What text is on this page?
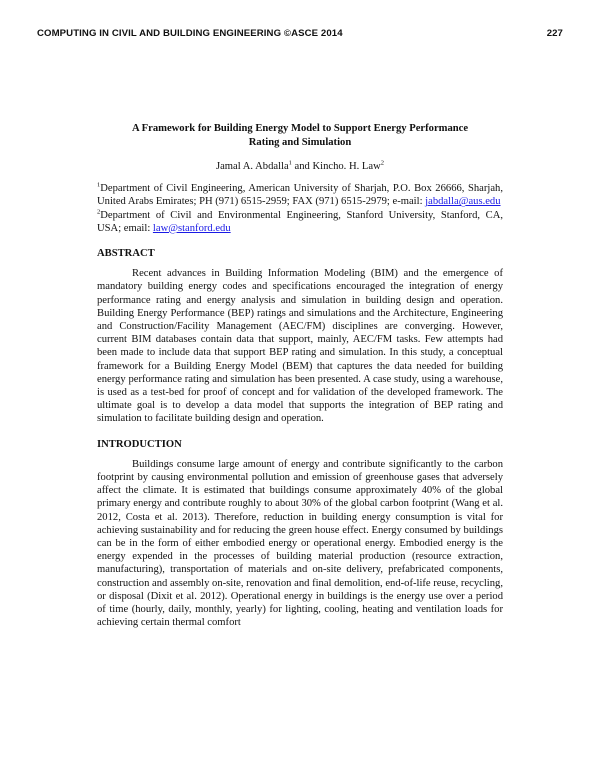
COMPUTING IN CIVIL AND BUILDING ENGINEERING ©ASCE 2014	227
A Framework for Building Energy Model to Support Energy Performance Rating and Simulation
Jamal A. Abdalla$^1$ and Kincho. H. Law$^2$

$^1$Department of Civil Engineering, American University of Sharjah, P.O. Box 26666, Sharjah, United Arabs Emirates; PH (971) 6515-2959; FAX (971) 6515-2979; e-mail: jabdalla@aus.edu

$^2$Department of Civil and Environmental Engineering, Stanford University, Stanford, CA, USA; email: law@stanford.edu

ABSTRACT

Recent advances in Building Information Modeling (BIM) and the emergence of mandatory building energy codes and specifications encouraged the integration of energy performance rating and energy analysis and simulation in building design and operation. Building Energy Performance (BEP) ratings and simulations and the Architecture, Engineering and Construction/Facility Management (AEC/FM) disciplines are converging. However, current BIM databases contain data that support, mainly, AEC/FM tasks. Few attempts had been made to include data that support BEP rating and simulation. In this study, a conceptual framework for a Building Energy Model (BEM) that captures the data needed for building energy performance rating and simulation has been presented. A case study, using a warehouse, is used as a test-bed for proof of concept and for validation of the developed framework. The ultimate goal is to develop a data model that supports the integration of BEP rating and simulation to facilitate building design and operation.

INTRODUCTION

Buildings consume large amount of energy and contribute significantly to the carbon footprint by causing environmental pollution and emission of greenhouse gases that adversely affect the climate. It is estimated that buildings consume approximately 40% of the global primary energy and contribute roughly to about 30% of the global carbon footprint (Wang et al. 2012, Costa et al. 2013). Therefore, reduction in building energy consumption is vital for achieving sustainability and for reducing the green house effect. Energy consumed by buildings can be in the form of either embodied energy or operational energy. Embodied energy is the energy expended in the processes of building material production (resource extraction, manufacturing), transportation of materials and on-site delivery, prefabricated components, construction and assembly on-site, renovation and final demolition, end-of-life reuse, recycling, or disposal (Dixit et al. 2012). Operational energy in buildings is the energy use over a period of time (hourly, daily, monthly, yearly) for lighting, cooling, heating and ventilation loads for achieving certain thermal comfort
